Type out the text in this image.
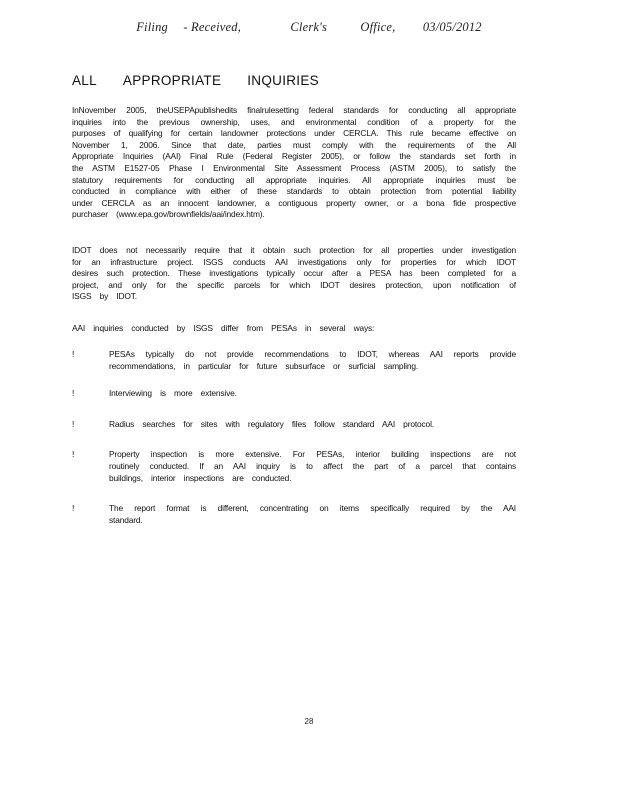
Filing - Received,	Clerk's	Office, 03/05/2012
ALL APPROPRIATE INQUIRIES
InNovember 2005, theUSEPApublishedits finalrulesetting federal standards for conducting all appropriate inquiries into the previous ownership, uses, and environmental condition of a property for the purposes of qualifying for certain landowner protections under CERCLA. This rule became effective on November 1, 2006. Since that date, parties must comply with the requirements of the All Appropriate Inquiries (AAI) Final Rule (Federal Register 2005), or follow the standards set forth in the ASTM E1527-05 Phase I Environmental Site Assessment Process (ASTM 2005), to satisfy the statutory requirements for conducting all appropriate inquiries. All appropriate inquiries must be conducted in compliance with either of these standards to obtain protection from potential liability under CERCLA as an innocent landowner, a contiguous property owner, or a bona fide prospective purchaser (www.epa.gov/brownfields/aai/index.htm).
IDOT does not necessarily require that it obtain such protection for all properties under investigation for an infrastructure project. ISGS conducts AAI investigations only for properties for which IDOT desires such protection. These investigations typically occur after a PESA has been completed for a project, and only for the specific parcels for which IDOT desires protection, upon notification of ISGS by IDOT.
AAI inquiries conducted by ISGS differ from PESAs in several ways:
!	PESAs typically do not provide recommendations to IDOT, whereas AAI reports provide recommendations, in particular for future subsurface or surficial sampling.
!	Interviewing is more extensive.
!	Radius searches for sites with regulatory files follow standard AAI protocol.
!	Property inspection is more extensive. For PESAs, interior building inspections are not routinely conducted. If an AAI inquiry is to affect the part of a parcel that contains buildings, interior inspections are conducted.
!	The report format is different, concentrating on items specifically required by the AAI standard.
28
